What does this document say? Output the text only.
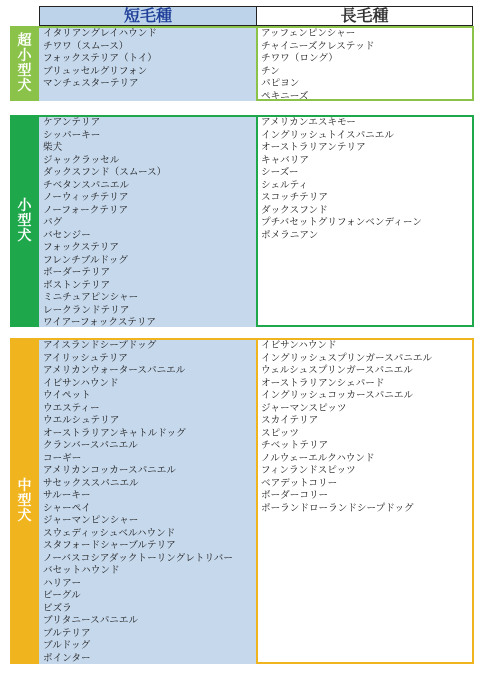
短毛種	長毛種
超
小
型
犬
イタリアングレイハウンド
チワワ（スムース）
フォックステリア（トイ）
ブリュッセルグリフォン
マンチェスターテリア
アッフェンピンシャー
チャイニーズクレステッド
チワワ（ロング）
チン
パピヨン
ペキニーズ
小
型
犬
ケアンテリア
シッパーキー
柴犬
ジャックラッセル
ダックスフンド（スムース）
チベタンスパニエル
ノーウィッチテリア
ノーフォークテリア
パグ
バセンジー
フォックステリア
フレンチブルドッグ
ボーダーテリア
ボストンテリア
ミニチュアピンシャー
レークランドテリア
ワイアーフォックステリア
アメリカンエスキモー
イングリッシュトイスパニエル
オーストラリアンテリア
キャバリア
シーズー
シェルティ
スコッチテリア
ダックスフンド
プチバセットグリフォンベンディーン
ポメラニアン
中
型
犬
アイスランドシープドッグ
アイリッシュテリア
アメリカンウォータースパニエル
イビサンハウンド
ウイペット
ウエスティー
ウエルシュテリア
オーストラリアンキャトルドッグ
クランバースパニエル
コーギー
アメリカンコッカースパニエル
サセックススパニエル
サルーキー
シャーペイ
ジャーマンピンシャー
スウェディッシュベルハウンド
スタフォードシャーブルテリア
ノーバスコシアダックトーリングレトリバー
バセットハウンド
ハリアー
ビーグル
ビズラ
ブリタニースパニエル
ブルテリア
ブルドッグ
ポインター
イビサンハウンド
イングリッシュスプリンガースパニエル
ウェルシュスプリンガースパニエル
オーストラリアンシェパード
イングリッシュコッカースパニエル
ジャーマンスピッツ
スカイテリア
スピッツ
チベットテリア
ノルウェーエルクハウンド
フィンランドスピッツ
ベアデットコリー
ボーダーコリー
ポーランドローランドシープドッグ
